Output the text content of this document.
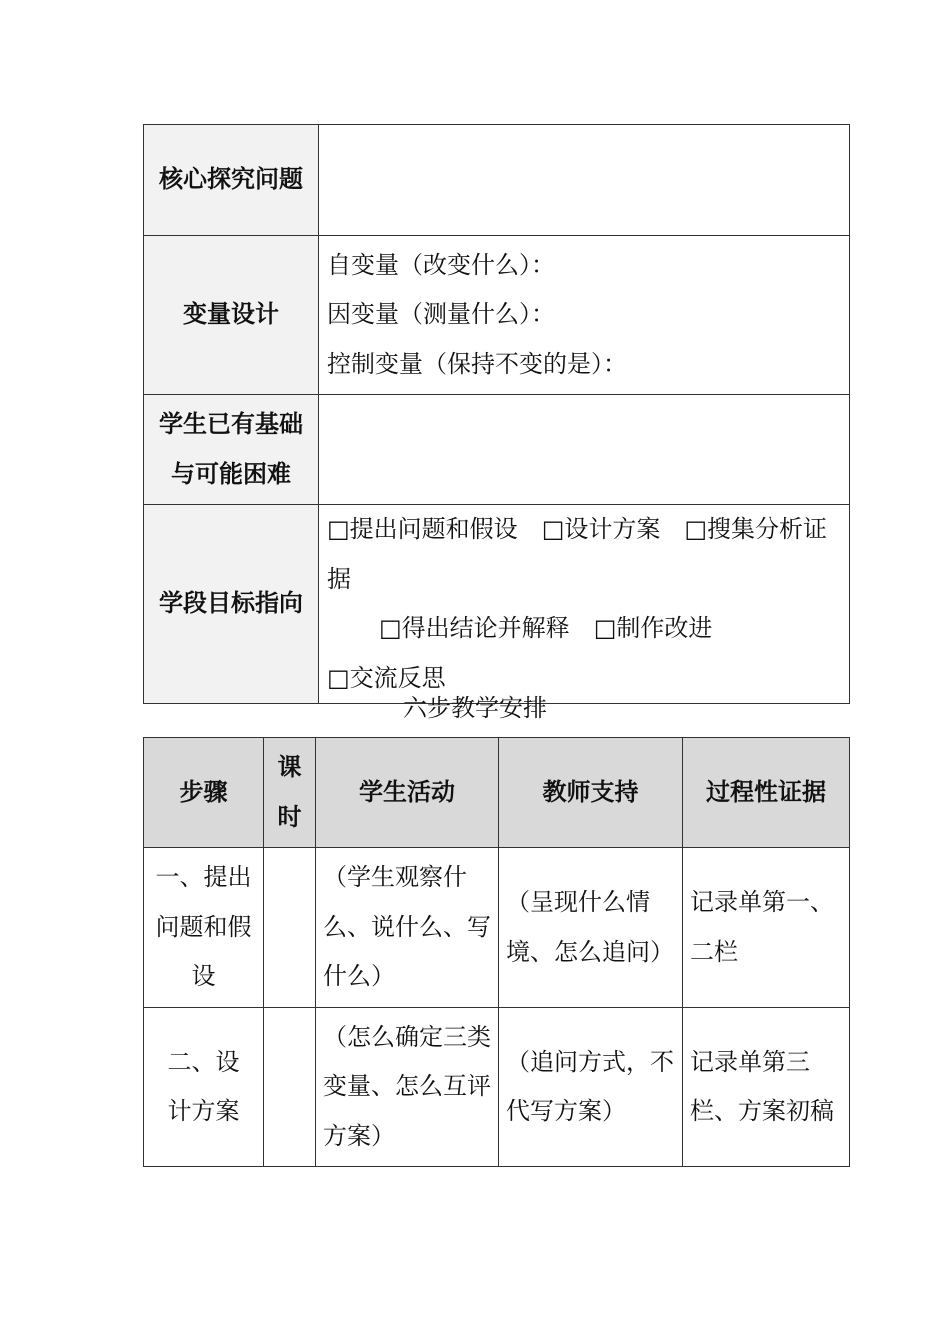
核心探究问题	
变量设计	自变量（改变什么）：
因变量（测量什么）：
控制变量（保持不变的是）：

学生已有基础
与可能困难	

学段目标指向	□提出问题和假设 □设计方案 □搜集分析证据
□得出结论并解释 □制作改进□交流反思
六步教学安排
步骤	课时	学生活动	教师支持	过程性证据
一、提出问题和假设		（学生观察什么、说什么、写什么）	（呈现什么情境、怎么追问）	记录单第一、二栏
二、设计方案		（怎么确定三类变量、怎么互评方案）	（追问方式，不代写方案）	记录单第三栏、方案初稿
